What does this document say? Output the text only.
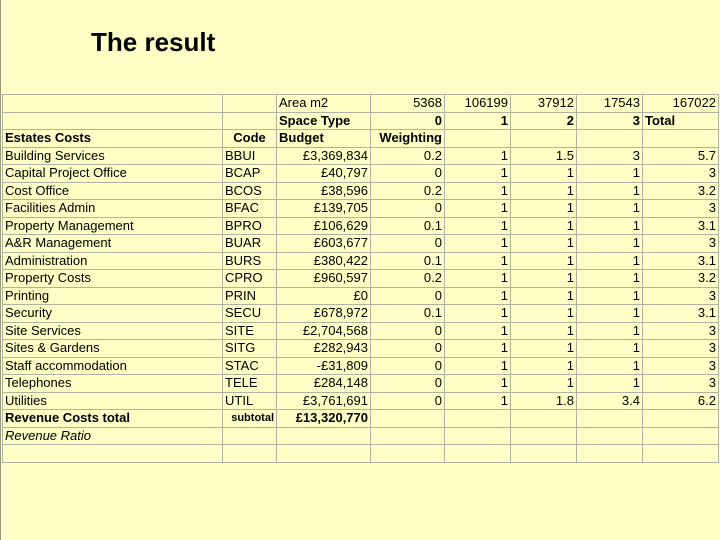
The result
		Area m2	5368	106199	37912	17543	167022
		Space Type	0	1	2	3	Total
Estates Costs	Code	Budget	Weighting				
Building Services	BBUI	£3,369,834	0.2	1	1.5	3	5.7
Capital Project Office	BCAP	£40,797	0	1	1	1	3
Cost Office	BCOS	£38,596	0.2	1	1	1	3.2
Facilities Admin	BFAC	£139,705	0	1	1	1	3
Property Management	BPRO	£106,629	0.1	1	1	1	3.1
A&R Management	BUAR	£603,677	0	1	1	1	3
Administration	BURS	£380,422	0.1	1	1	1	3.1
Property Costs	CPRO	£960,597	0.2	1	1	1	3.2
Printing	PRIN	£0	0	1	1	1	3
Security	SECU	£678,972	0.1	1	1	1	3.1
Site Services	SITE	£2,704,568	0	1	1	1	3
Sites & Gardens	SITG	£282,943	0	1	1	1	3
Staff accommodation	STAC	-£31,809	0	1	1	1	3
Telephones	TELE	£284,148	0	1	1	1	3
Utilities	UTIL	£3,761,691	0	1	1.8	3.4	6.2
Revenue Costs total	subtotal	£13,320,770					
Revenue Ratio							
